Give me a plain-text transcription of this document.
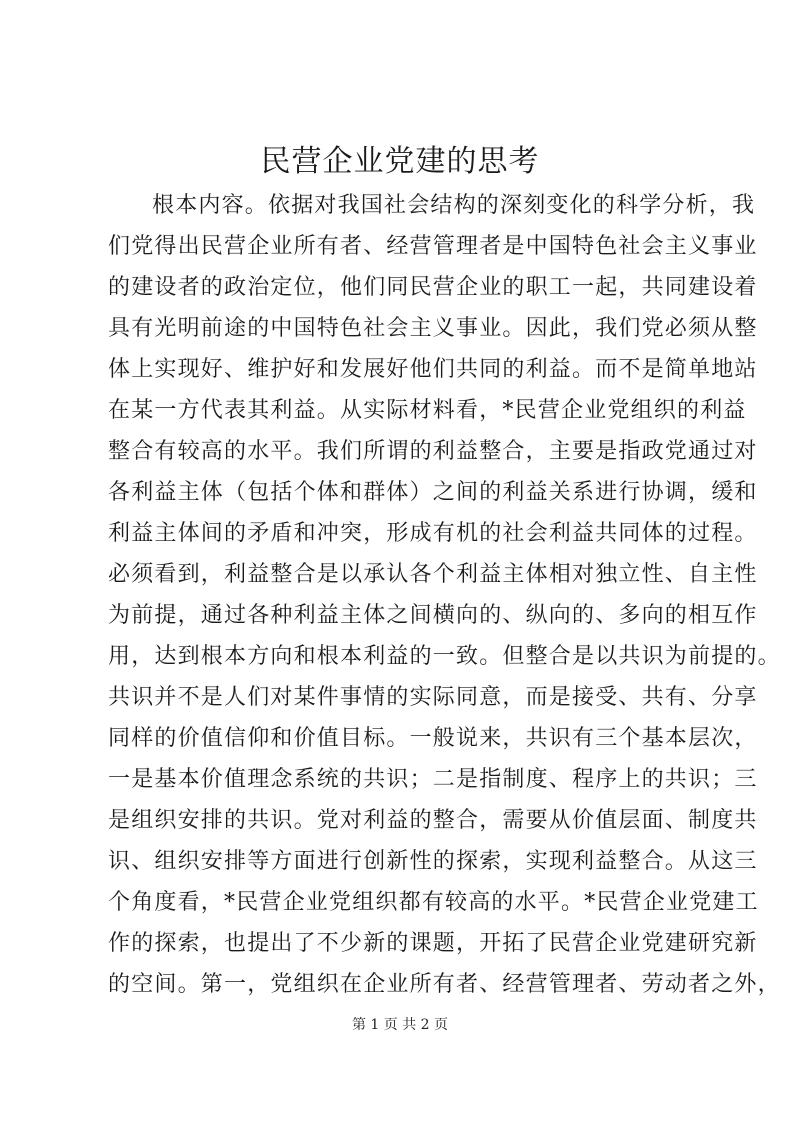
民营企业党建的思考
根本内容。依据对我国社会结构的深刻变化的科学分析，我
们党得出民营企业所有者、经营管理者是中国特色社会主义事业
的建设者的政治定位，他们同民营企业的职工一起，共同建设着
具有光明前途的中国特色社会主义事业。因此，我们党必须从整
体上实现好、维护好和发展好他们共同的利益。而不是简单地站
在某一方代表其利益。从实际材料看，*民营企业党组织的利益
整合有较高的水平。我们所谓的利益整合，主要是指政党通过对
各利益主体（包括个体和群体）之间的利益关系进行协调，缓和
利益主体间的矛盾和冲突，形成有机的社会利益共同体的过程。
必须看到，利益整合是以承认各个利益主体相对独立性、自主性
为前提，通过各种利益主体之间横向的、纵向的、多向的相互作
用，达到根本方向和根本利益的一致。但整合是以共识为前提的。
共识并不是人们对某件事情的实际同意，而是接受、共有、分享
同样的价值信仰和价值目标。一般说来，共识有三个基本层次，
一是基本价值理念系统的共识；二是指制度、程序上的共识；三
是组织安排的共识。党对利益的整合，需要从价值层面、制度共
识、组织安排等方面进行创新性的探索，实现利益整合。从这三
个角度看，*民营企业党组织都有较高的水平。*民营企业党建工
作的探索，也提出了不少新的课题，开拓了民营企业党建研究新
的空间。第一，党组织在企业所有者、经营管理者、劳动者之外，
第 1 页 共 2 页
